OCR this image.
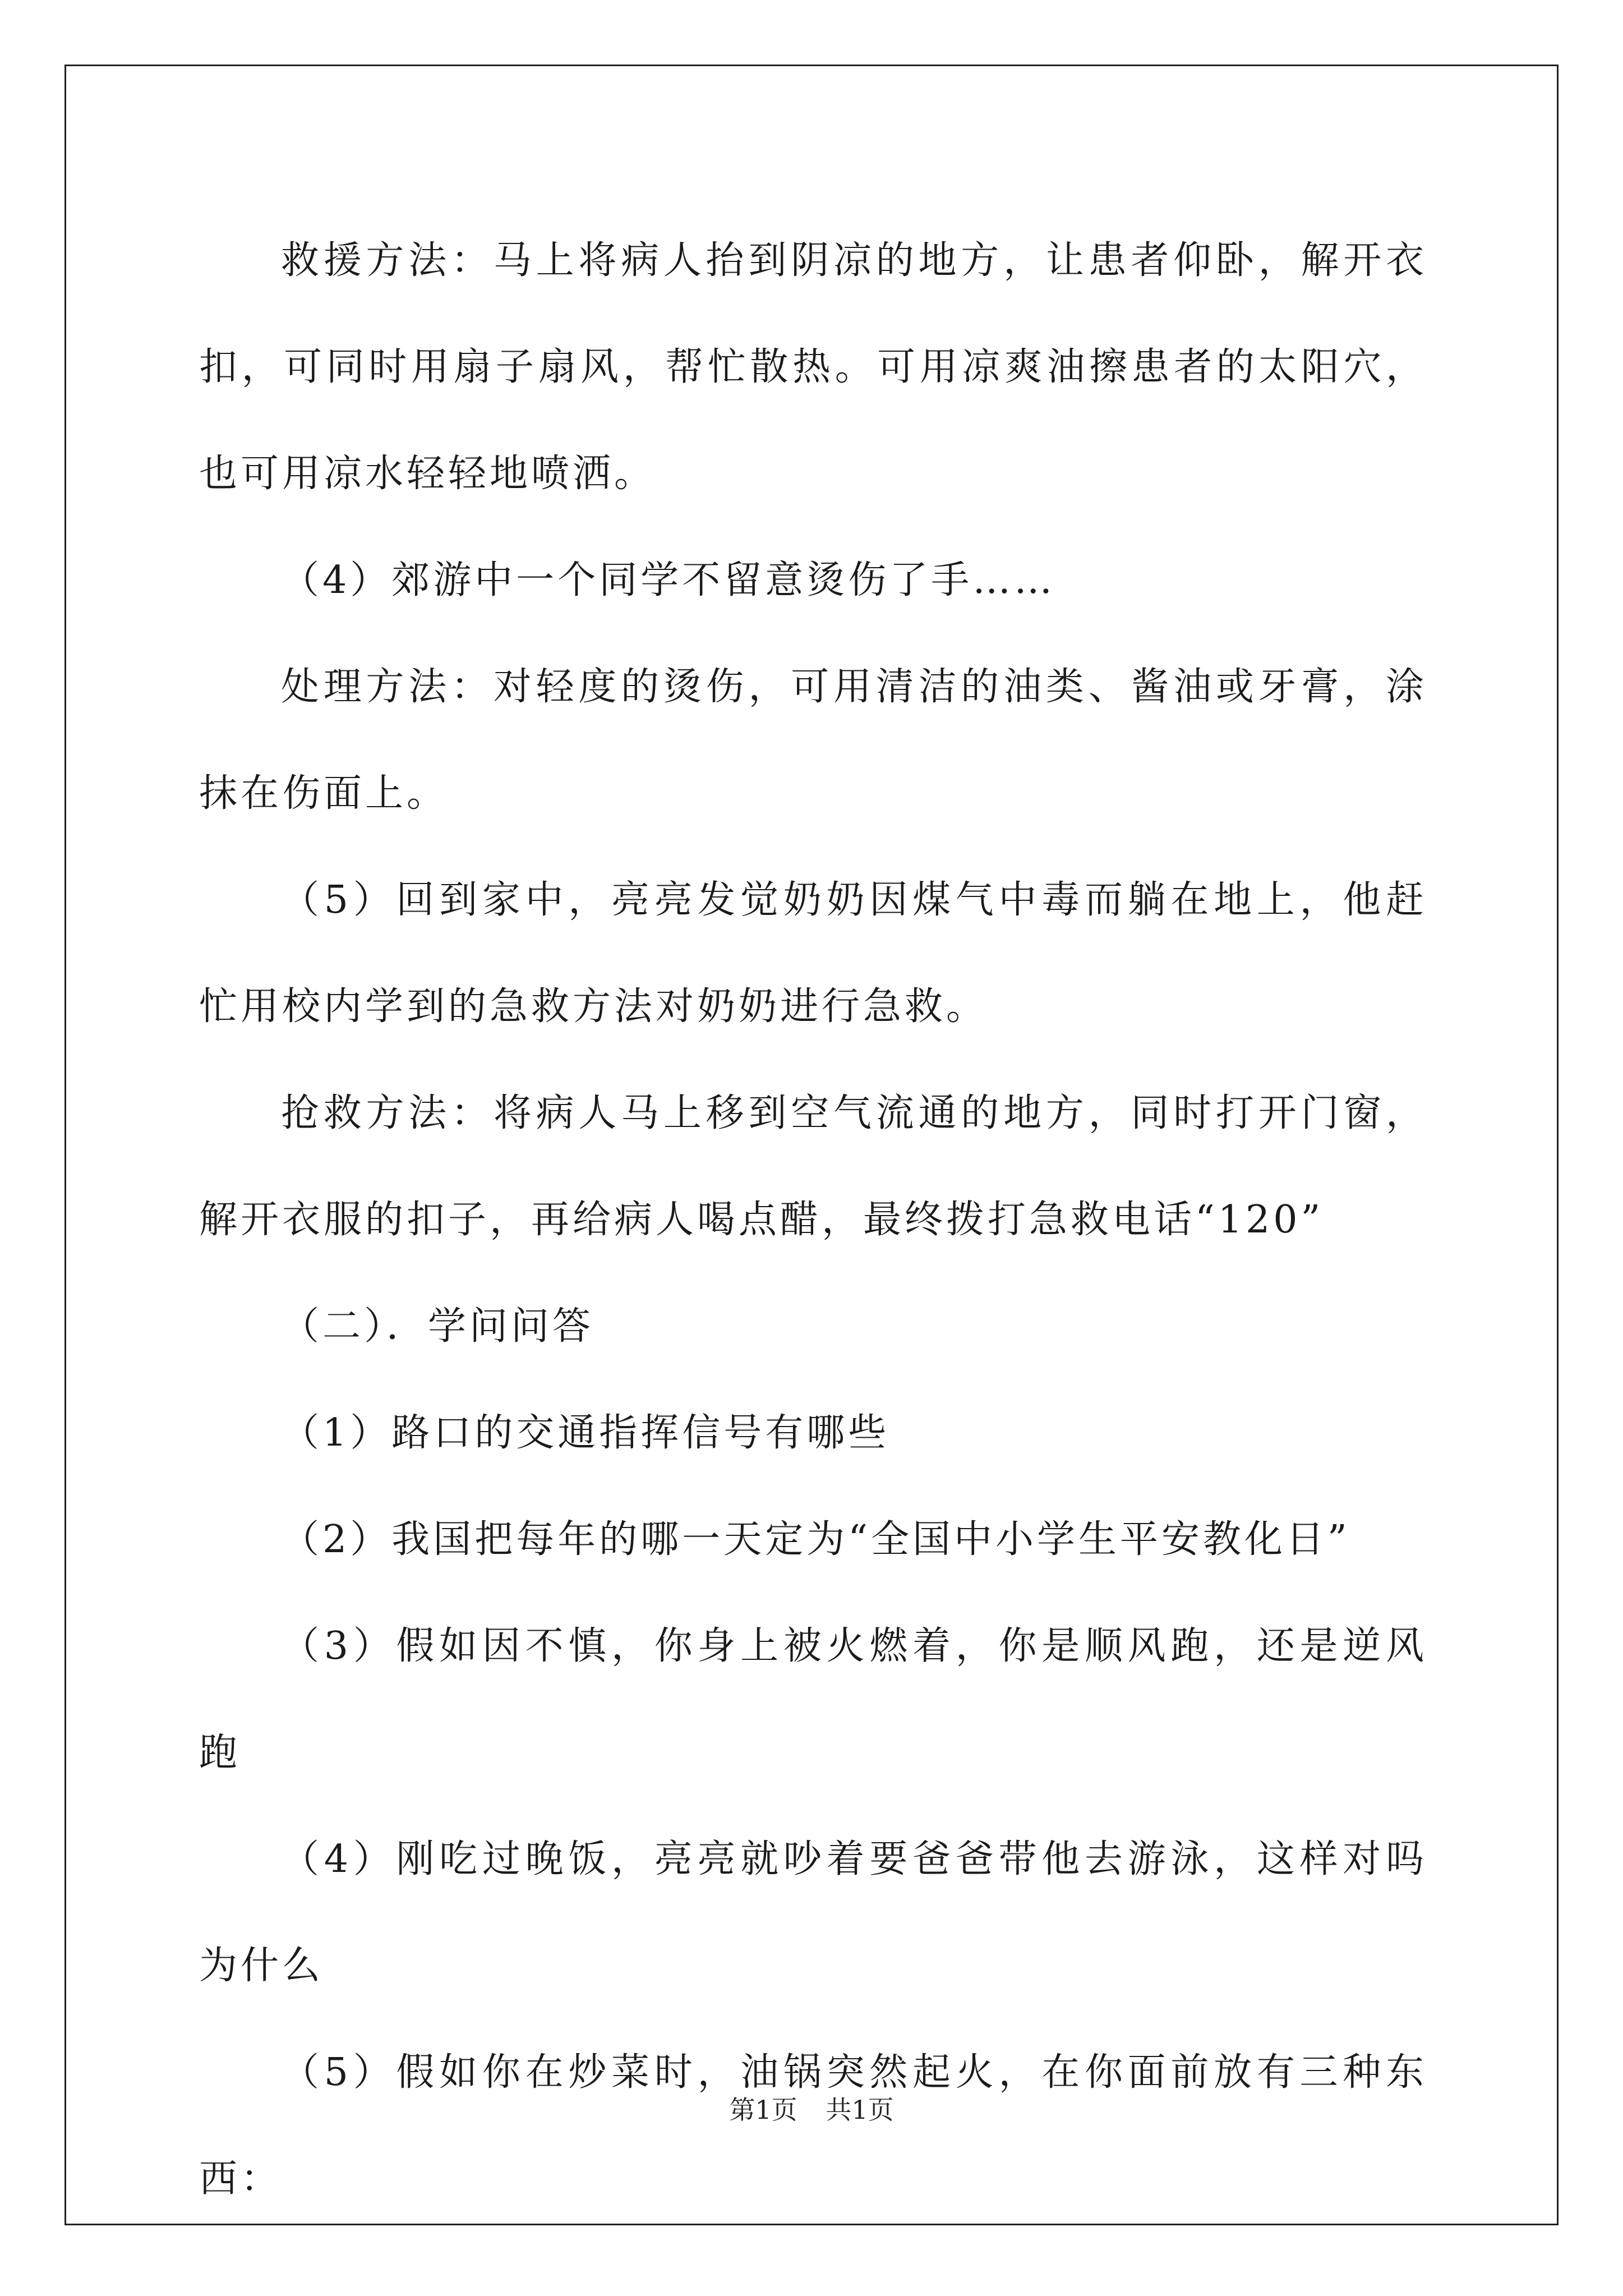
救援方法：马上将病人抬到阴凉的地方，让患者仰卧，解开衣扣，可同时用扇子扇风，帮忙散热。可用凉爽油擦患者的太阳穴，也可用凉水轻轻地喷洒。

（4）郊游中一个同学不留意烫伤了手……

处理方法：对轻度的烫伤，可用清洁的油类、酱油或牙膏，涂抹在伤面上。

（5）回到家中，亮亮发觉奶奶因煤气中毒而躺在地上，他赶忙用校内学到的急救方法对奶奶进行急救。

抢救方法：将病人马上移到空气流通的地方，同时打开门窗，解开衣服的扣子，再给病人喝点醋，最终拨打急救电话“120”

（二）．学问问答

（1）路口的交通指挥信号有哪些

（2）我国把每年的哪一天定为“全国中小学生平安教化日”

（3）假如因不慎，你身上被火燃着，你是顺风跑，还是逆风跑

（4）刚吃过晚饭，亮亮就吵着要爸爸带他去游泳，这样对吗为什么

（5）假如你在炒菜时，油锅突然起火，在你面前放有三种东西：

第1页 共1页
